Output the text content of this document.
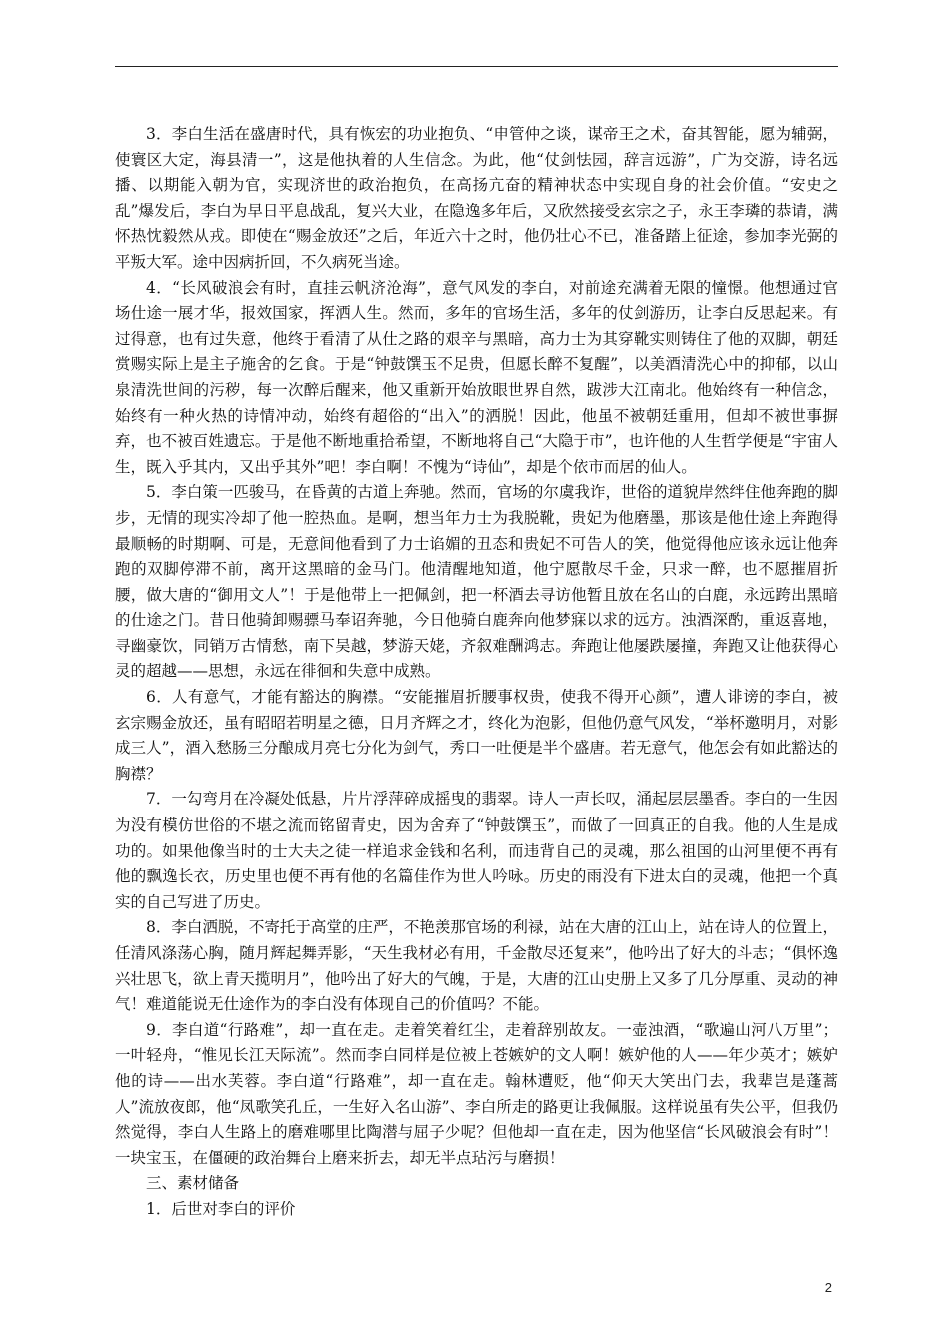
3．李白生活在盛唐时代，具有恢宏的功业抱负、“申管仲之谈，谋帝王之术，奋其智能，愿为辅弼，使寰区大定，海县清一”，这是他执着的人生信念。为此，他“仗剑怯园，辞言远游”，广为交游，诗名远播、以期能入朝为官，实现济世的政治抱负，在高扬亢奋的精神状态中实现自身的社会价值。“安史之乱”爆发后，李白为早日平息战乱，复兴大业，在隐逸多年后，又欣然接受玄宗之子，永王李璘的恭请，满怀热忱毅然从戎。即使在“赐金放还”之后，年近六十之时，他仍壮心不已，准备踏上征途，参加李光弼的平叛大军。途中因病折回，不久病死当途。

4．“长风破浪会有时，直挂云帆济沧海”，意气风发的李白，对前途充满着无限的憧憬。他想通过官场仕途一展才华，报效国家，挥洒人生。然而，多年的官场生活，多年的仗剑游历，让李白反思起来。有过得意，也有过失意，他终于看清了从仕之路的艰辛与黑暗，高力士为其穿靴实则铸住了他的双脚，朝廷赏赐实际上是主子施舍的乞食。于是“钟鼓馔玉不足贵，但愿长醉不复醒”，以美酒清洗心中的抑郁，以山泉清洗世间的污秽，每一次醉后醒来，他又重新开始放眼世界自然，跋涉大江南北。他始终有一种信念，始终有一种火热的诗情冲动，始终有超俗的“出入”的洒脱！因此，他虽不被朝廷重用，但却不被世事摒弃，也不被百姓遗忘。于是他不断地重拾希望，不断地将自己“大隐于市”，也许他的人生哲学便是“宇宙人生，既入乎其内，又出乎其外”吧！李白啊！不愧为“诗仙”，却是个依市而居的仙人。

5．李白策一匹骏马，在昏黄的古道上奔驰。然而，官场的尔虞我诈，世俗的道貌岸然绊住他奔跑的脚步，无情的现实冷却了他一腔热血。是啊，想当年力士为我脱靴，贵妃为他磨墨，那该是他仕途上奔跑得最顺畅的时期啊、可是，无意间他看到了力士谄媚的丑态和贵妃不可告人的笑，他觉得他应该永远让他奔跑的双脚停滞不前，离开这黑暗的金马门。他清醒地知道，他宁愿散尽千金，只求一醉，也不愿摧眉折腰，做大唐的“御用文人”！于是他带上一把佩剑，把一杯酒去寻访他暂且放在名山的白鹿，永远跨出黑暗的仕途之门。昔日他骑卸赐骠马奉诏奔驰，今日他骑白鹿奔向他梦寐以求的远方。浊酒深酌，重返喜地，寻幽豪饮，同销万古情愁，南下吴越，梦游天姥，齐叙难酬鸿志。奔跑让他屡跌屡撞，奔跑又让他获得心灵的超越——思想，永远在徘徊和失意中成熟。

6．人有意气，才能有豁达的胸襟。“安能摧眉折腰事权贵，使我不得开心颜”，遭人诽谤的李白，被玄宗赐金放还，虽有昭昭若明星之德，日月齐辉之才，终化为泡影，但他仍意气风发，“举杯邀明月，对影成三人”，酒入愁肠三分酿成月亮七分化为剑气，秀口一吐便是半个盛唐。若无意气，他怎会有如此豁达的胸襟？

7．一勾弯月在冷凝处低悬，片片浮萍碎成摇曳的翡翠。诗人一声长叹，涌起层层墨香。李白的一生因为没有模仿世俗的不堪之流而铭留青史，因为舍弃了“钟鼓馔玉”，而做了一回真正的自我。他的人生是成功的。如果他像当时的士大夫之徒一样追求金钱和名利，而违背自己的灵魂，那么祖国的山河里便不再有他的飘逸长衣，历史里也便不再有他的名篇佳作为世人吟咏。历史的雨没有下进太白的灵魂，他把一个真实的自己写进了历史。

8．李白洒脱，不寄托于高堂的庄严，不艳羡那官场的利禄，站在大唐的江山上，站在诗人的位置上，任清风涤荡心胸，随月辉起舞弄影，“天生我材必有用，千金散尽还复来”，他吟出了好大的斗志；“俱怀逸兴壮思飞，欲上青天揽明月”，他吟出了好大的气魄，于是，大唐的江山史册上又多了几分厚重、灵动的神气！难道能说无仕途作为的李白没有体现自己的价值吗？不能。

9．李白道“行路难”，却一直在走。走着笑着红尘，走着辞别故友。一壶浊酒，“歌遍山河八万里”；一叶轻舟，“惟见长江天际流”。然而李白同样是位被上苍嫉妒的文人啊！嫉妒他的人——年少英才；嫉妒他的诗——出水芙蓉。李白道“行路难”，却一直在走。翰林遭贬，他“仰天大笑出门去，我辈岂是蓬蒿人”流放夜郎，他“凤歌笑孔丘，一生好入名山游”、李白所走的路更让我佩服。这样说虽有失公平，但我仍然觉得，李白人生路上的磨难哪里比陶潜与屈子少呢？但他却一直在走，因为他坚信“长风破浪会有时”！一块宝玉，在僵硬的政治舞台上磨来折去，却无半点玷污与磨损！

三、素材储备

1．后世对李白的评价

2
